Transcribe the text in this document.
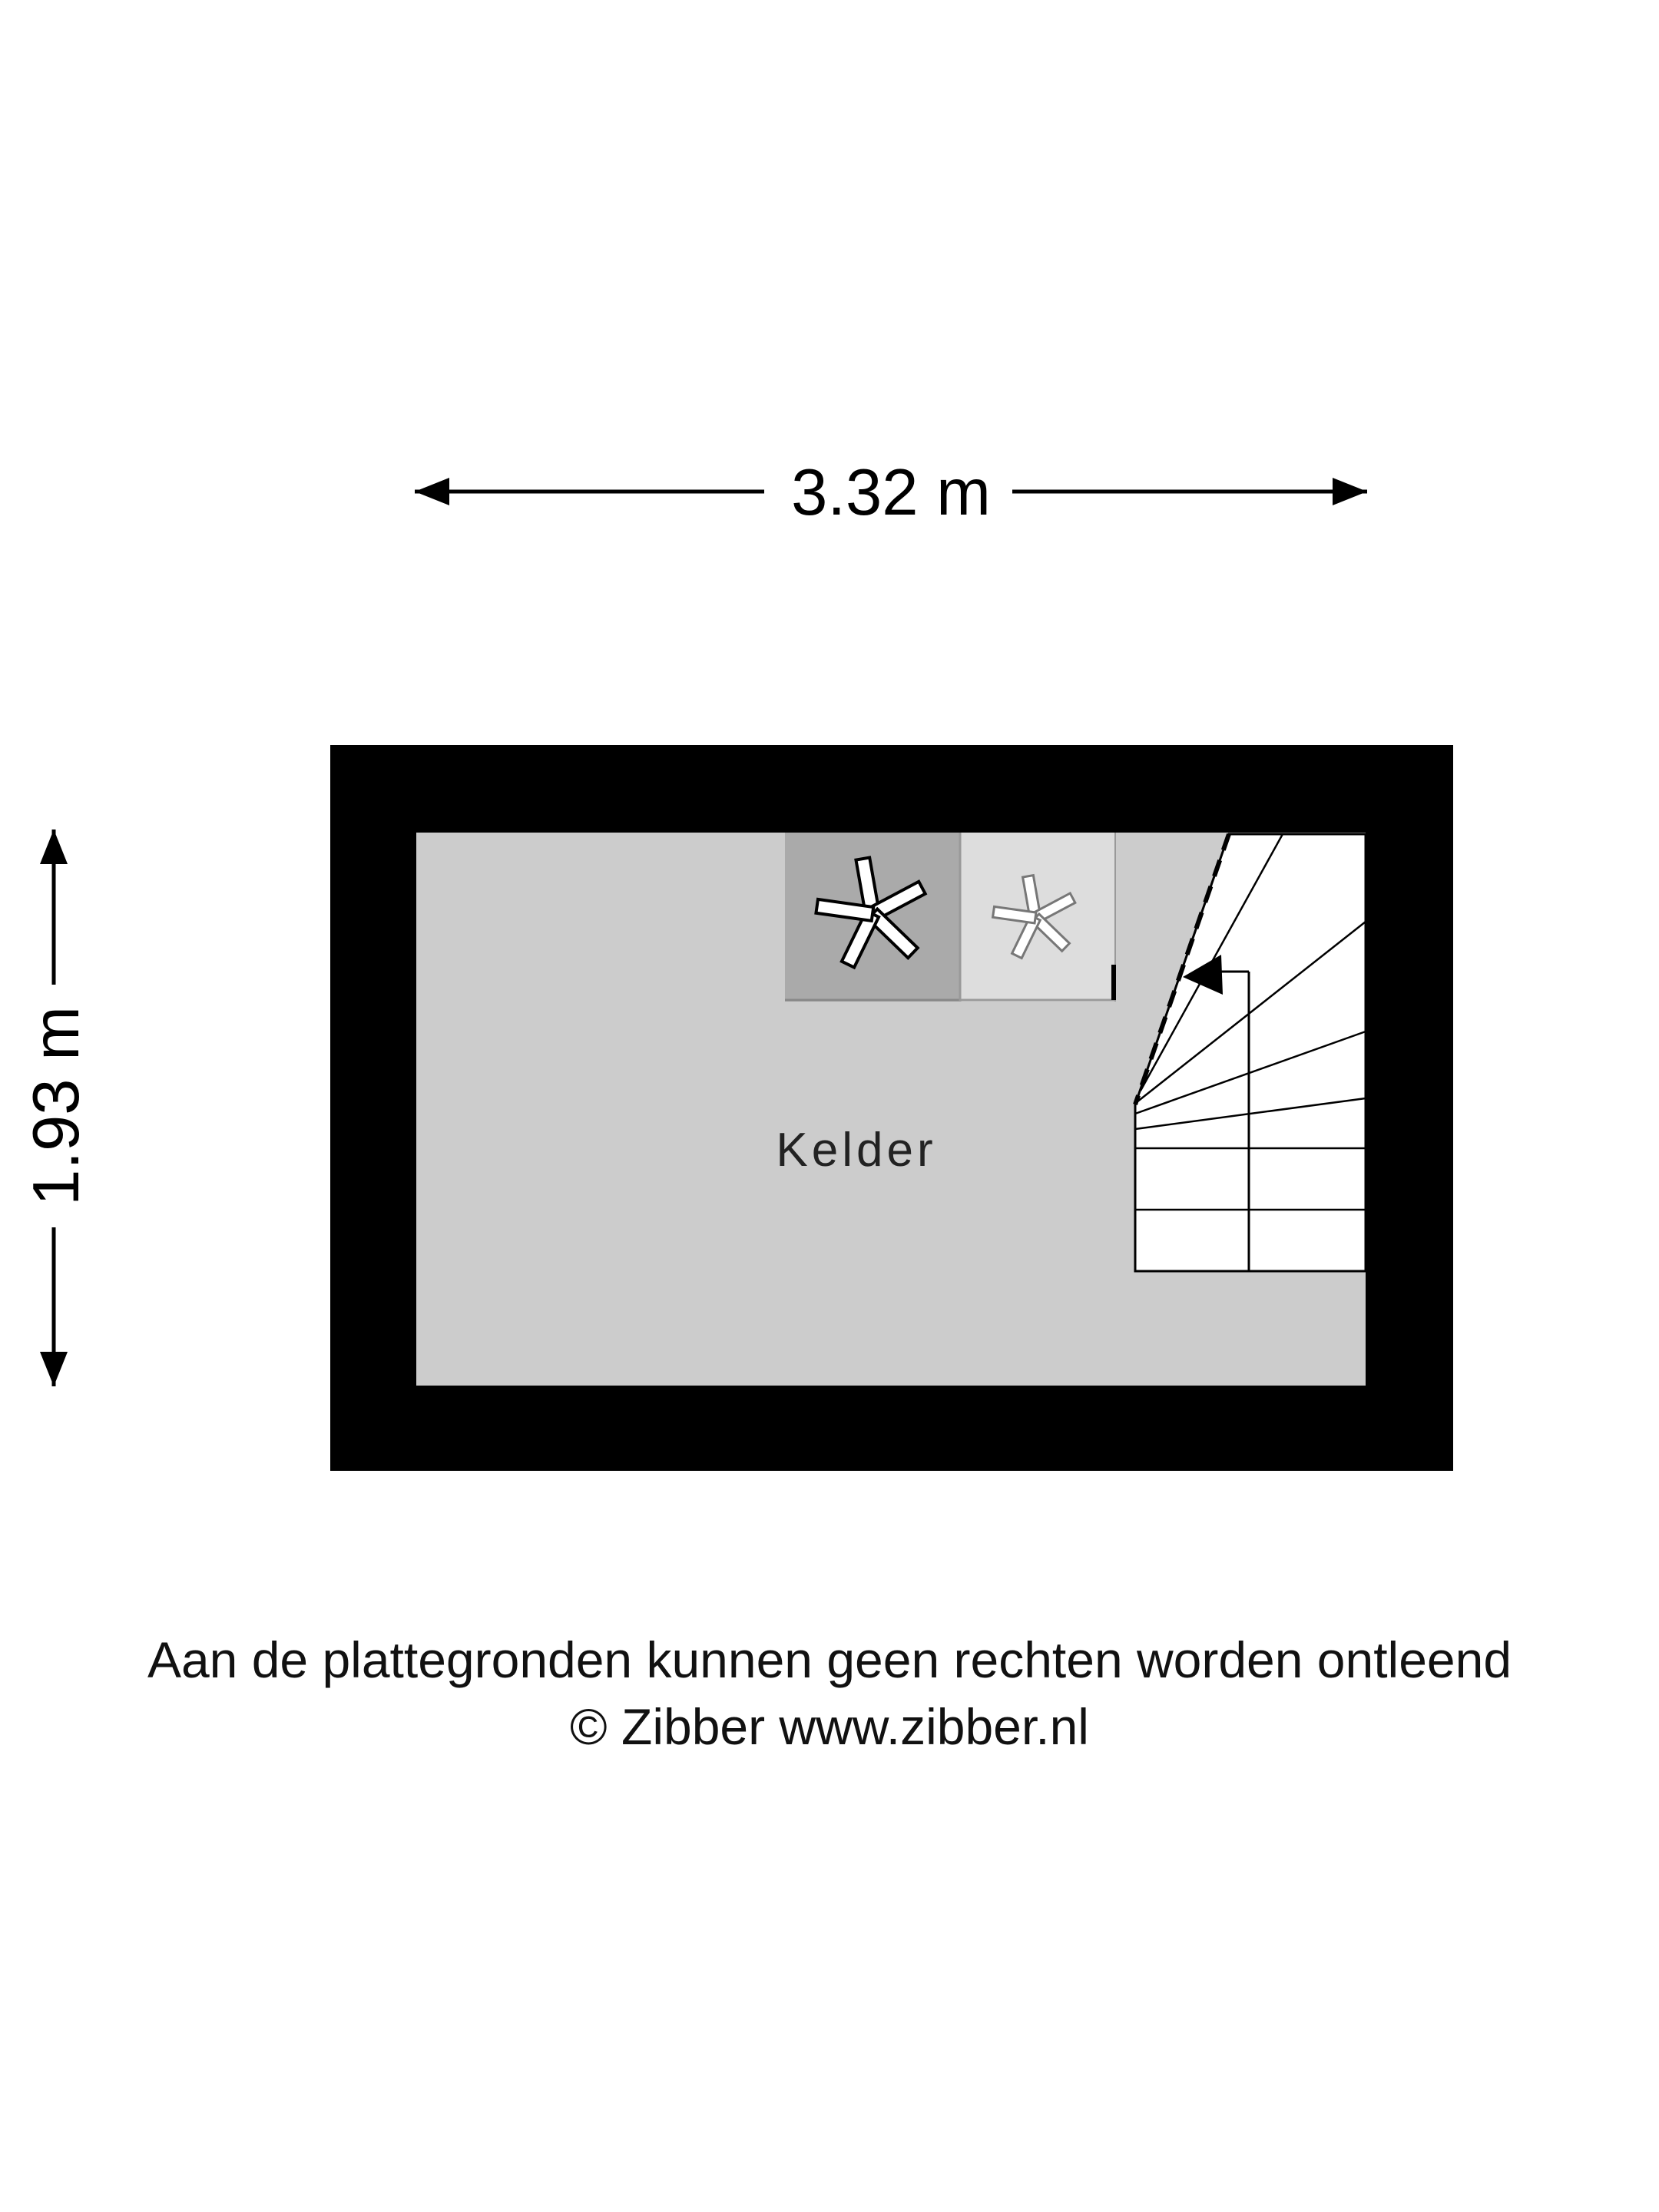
3.32 m
1.93 m	Kelder
Aan de plattegronden kunnen geen rechten worden ontleend
© Zibber www.zibber.nl
